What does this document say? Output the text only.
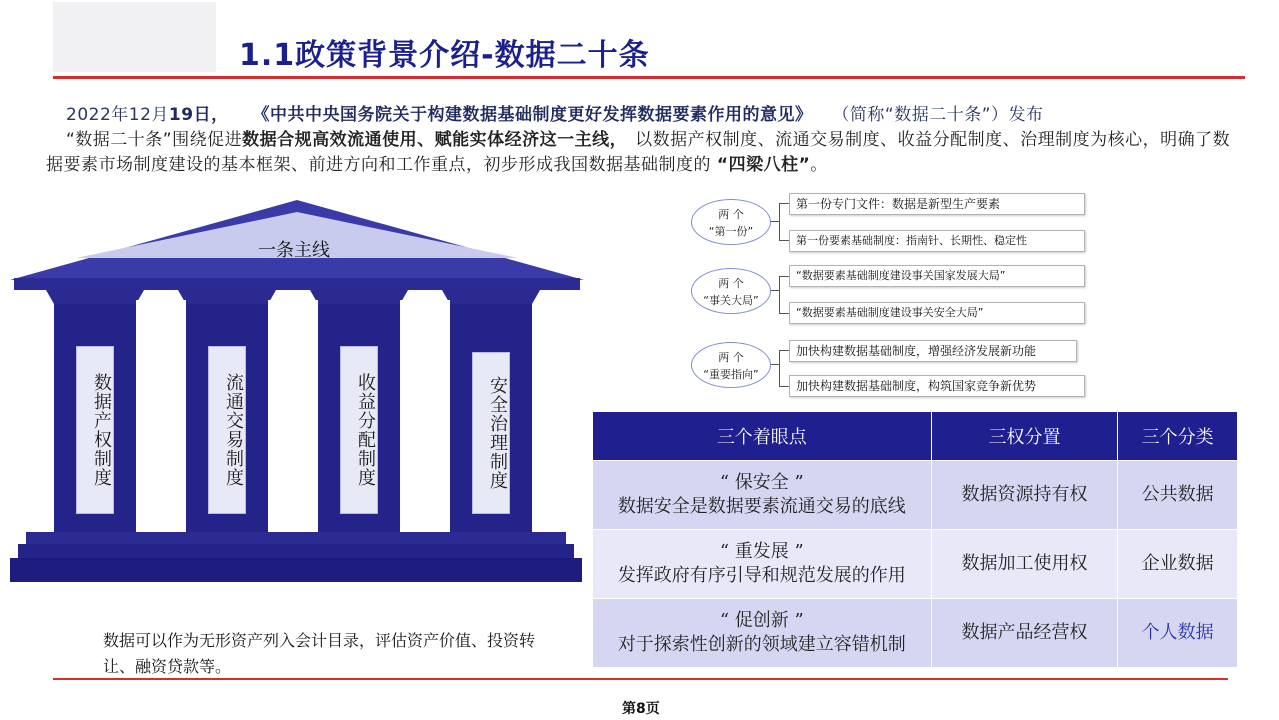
1.1政策背景介绍-数据二十条
2022年12月19日， 《中共中央国务院关于构建数据基础制度更好发挥数据要素作用的意见》 （简称“数据二十条”）发布
“数据二十条”围绕促进数据合规高效流通使用、赋能实体经济这一主线， 以数据产权制度、流通交易制度、收益分配制度、治理制度为核心，明确了数据要素市场制度建设的基本框架、前进方向和工作重点，初步形成我国数据基础制度的 “四梁八柱”。
一条主线
数据产权制度	流通交易制度	收益分配制度	安全治理制度
数据可以作为无形资产列入会计目录，评估资产价值、投资转让、融资贷款等。
两 个
“第一份”
第一份专门文件：数据是新型生产要素
第一份要素基础制度：指南针、长期性、稳定性
两 个
“事关大局”
“数据要素基础制度建设事关国家发展大局”
“数据要素基础制度建设事关安全大局”
两 个
“重要指向”
加快构建数据基础制度，增强经济发展新功能
加快构建数据基础制度，构筑国家竞争新优势
三个着眼点	三权分置	三个分类

“ 保安全 ”
数据安全是数据要素流通交易的底线	数据资源持有权	公共数据

“ 重发展 ”
发挥政府有序引导和规范发展的作用	数据加工使用权	企业数据

“ 促创新 ”
对于探索性创新的领域建立容错机制	数据产品经营权	个人数据
第8页
